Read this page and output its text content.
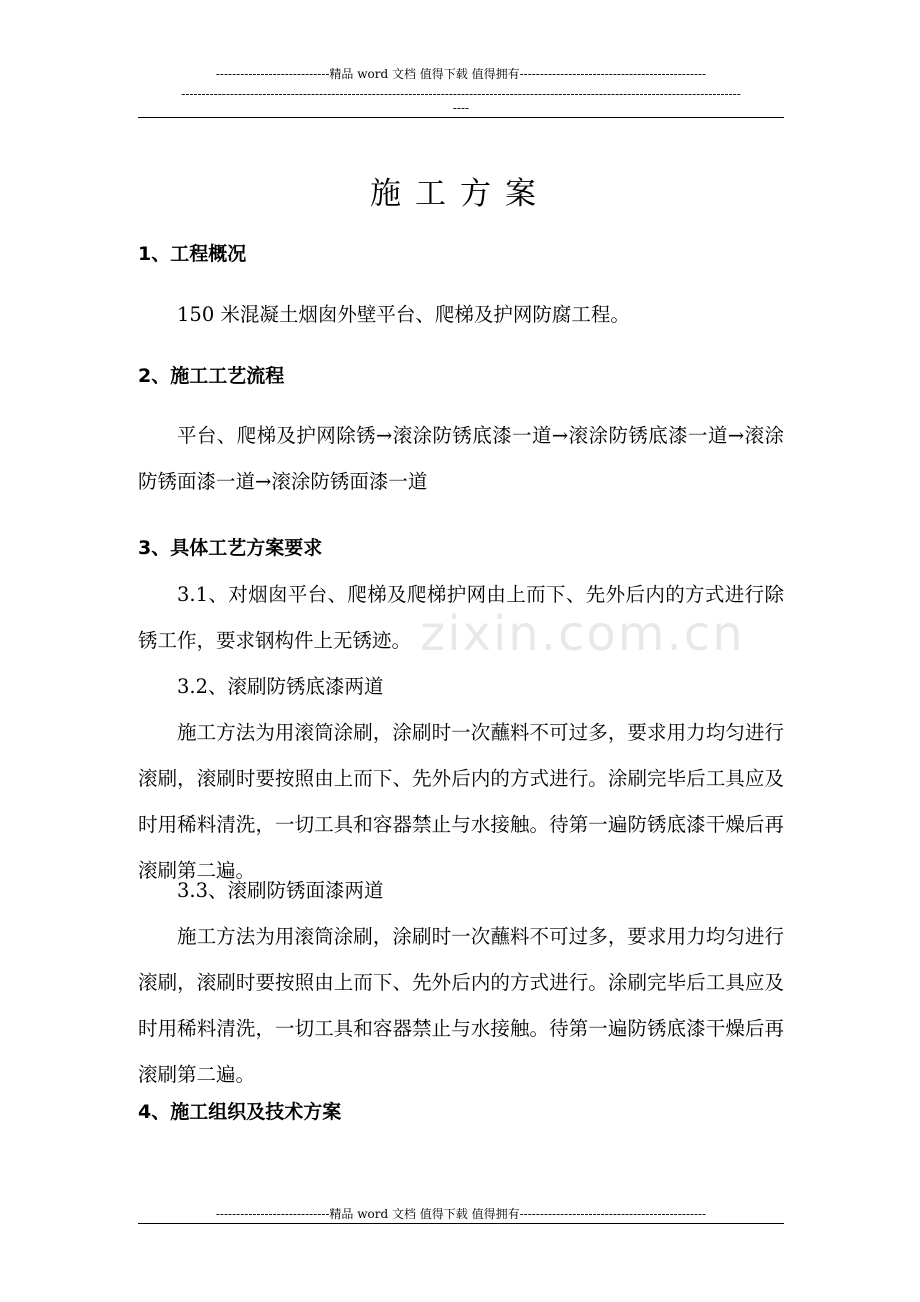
----------------------------精品 word 文档 值得下载 值得拥有----------------------------------------------
------------------------------------------------------------------------------------------------------------------------------------------
----
zixin.com.cn
施工方案
1、工程概况
150 米混凝土烟囱外壁平台、爬梯及护网防腐工程。
2、施工工艺流程
平台、爬梯及护网除锈→滚涂防锈底漆一道→滚涂防锈底漆一道→滚涂防锈面漆一道→滚涂防锈面漆一道
3、具体工艺方案要求
3.1、对烟囱平台、爬梯及爬梯护网由上而下、先外后内的方式进行除锈工作，要求钢构件上无锈迹。
3.2、滚刷防锈底漆两道
施工方法为用滚筒涂刷，涂刷时一次蘸料不可过多，要求用力均匀进行滚刷，滚刷时要按照由上而下、先外后内的方式进行。涂刷完毕后工具应及时用稀料清洗，一切工具和容器禁止与水接触。待第一遍防锈底漆干燥后再滚刷第二遍。
3.3、滚刷防锈面漆两道
施工方法为用滚筒涂刷，涂刷时一次蘸料不可过多，要求用力均匀进行滚刷，滚刷时要按照由上而下、先外后内的方式进行。涂刷完毕后工具应及时用稀料清洗，一切工具和容器禁止与水接触。待第一遍防锈底漆干燥后再滚刷第二遍。
4、施工组织及技术方案
----------------------------精品 word 文档 值得下载 值得拥有----------------------------------------------
